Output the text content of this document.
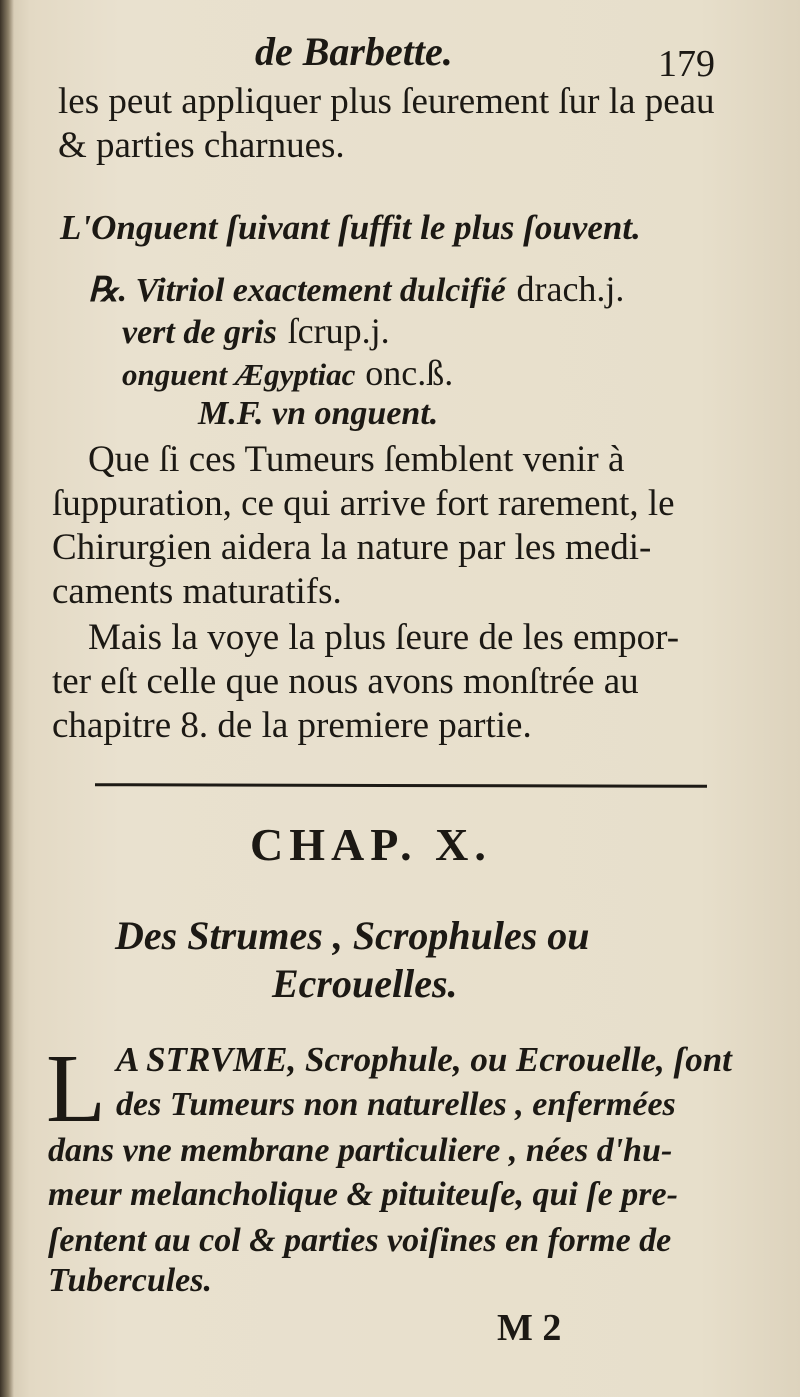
de Barbette.	179
les peut appliquer plus ſeurement ſur la peau
& parties charnues.
L'Onguent ſuivant ſuffit le plus ſouvent.
℞. Vitriol exactement dulcifié drach.j.
vert de gris ſcrup.j.
onguent Ægyptiac onc.ß.
M.F. vn onguent.
Que ſi ces Tumeurs ſemblent venir à
ſuppuration, ce qui arrive fort rarement, le
Chirurgien aidera la nature par les medi-
caments maturatifs.
Mais la voye la plus ſeure de les empor-
ter eſt celle que nous avons monſtrée au
chapitre 8. de la premiere partie.
CHAP. X.
Des Strumes , Scrophules ou
Ecrouelles.
L A STRVME, Scrophule, ou Ecrouelle, ſont
des Tumeurs non naturelles , enfermées
dans vne membrane particuliere , nées d'hu-
meur melancholique & pituiteuſe, qui ſe pre-
ſentent au col & parties voiſines en forme de
Tubercules.
M 2
